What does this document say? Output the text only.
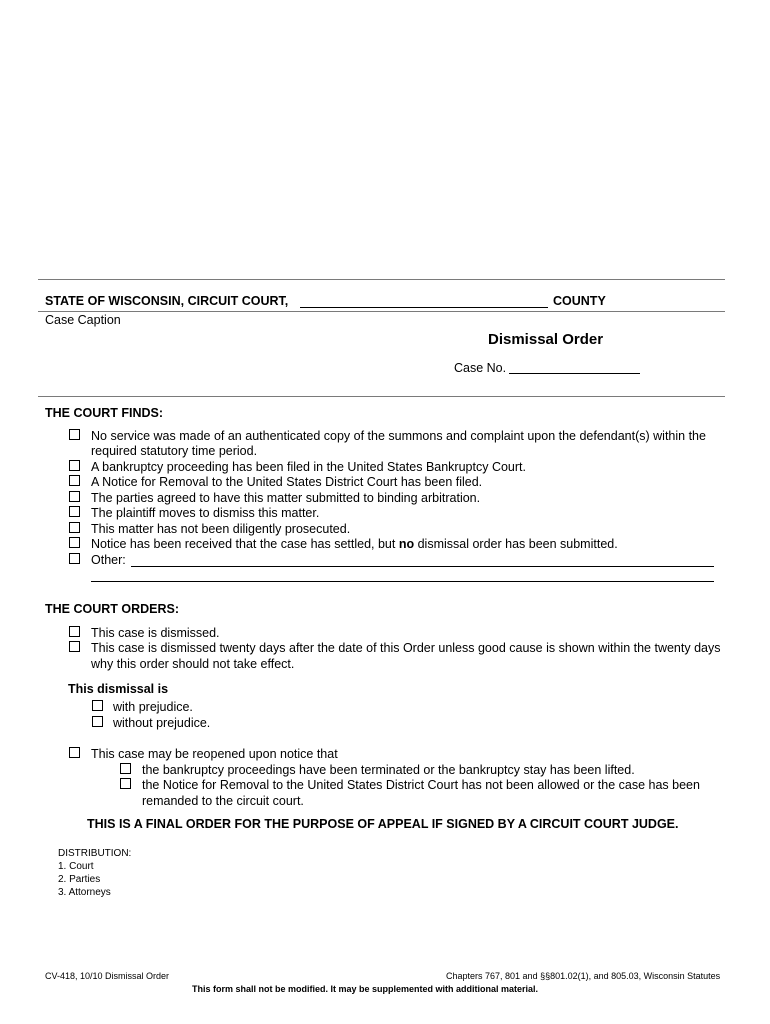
STATE OF WISCONSIN, CIRCUIT COURT,	COUNTY
Case Caption
Dismissal Order
Case No.
THE COURT FINDS:
No service was made of an authenticated copy of the summons and complaint upon the defendant(s) within the
required statutory time period.
A bankruptcy proceeding has been filed in the United States Bankruptcy Court.
A Notice for Removal to the United States District Court has been filed.
The parties agreed to have this matter submitted to binding arbitration.
The plaintiff moves to dismiss this matter.
This matter has not been diligently prosecuted.
Notice has been received that the case has settled, but no dismissal order has been submitted.
Other:
THE COURT ORDERS:
This case is dismissed.
This case is dismissed twenty days after the date of this Order unless good cause is shown within the twenty days
why this order should not take effect.
This dismissal is
with prejudice.
without prejudice.
This case may be reopened upon notice that
the bankruptcy proceedings have been terminated or the bankruptcy stay has been lifted.
the Notice for Removal to the United States District Court has not been allowed or the case has been
remanded to the circuit court.
THIS IS A FINAL ORDER FOR THE PURPOSE OF APPEAL IF SIGNED BY A CIRCUIT COURT JUDGE.
DISTRIBUTION:
1. Court
2. Parties
3. Attorneys
CV-418, 10/10 Dismissal Order	Chapters 767, 801 and §§801.02(1), and 805.03, Wisconsin Statutes
This form shall not be modified. It may be supplemented with additional material.
